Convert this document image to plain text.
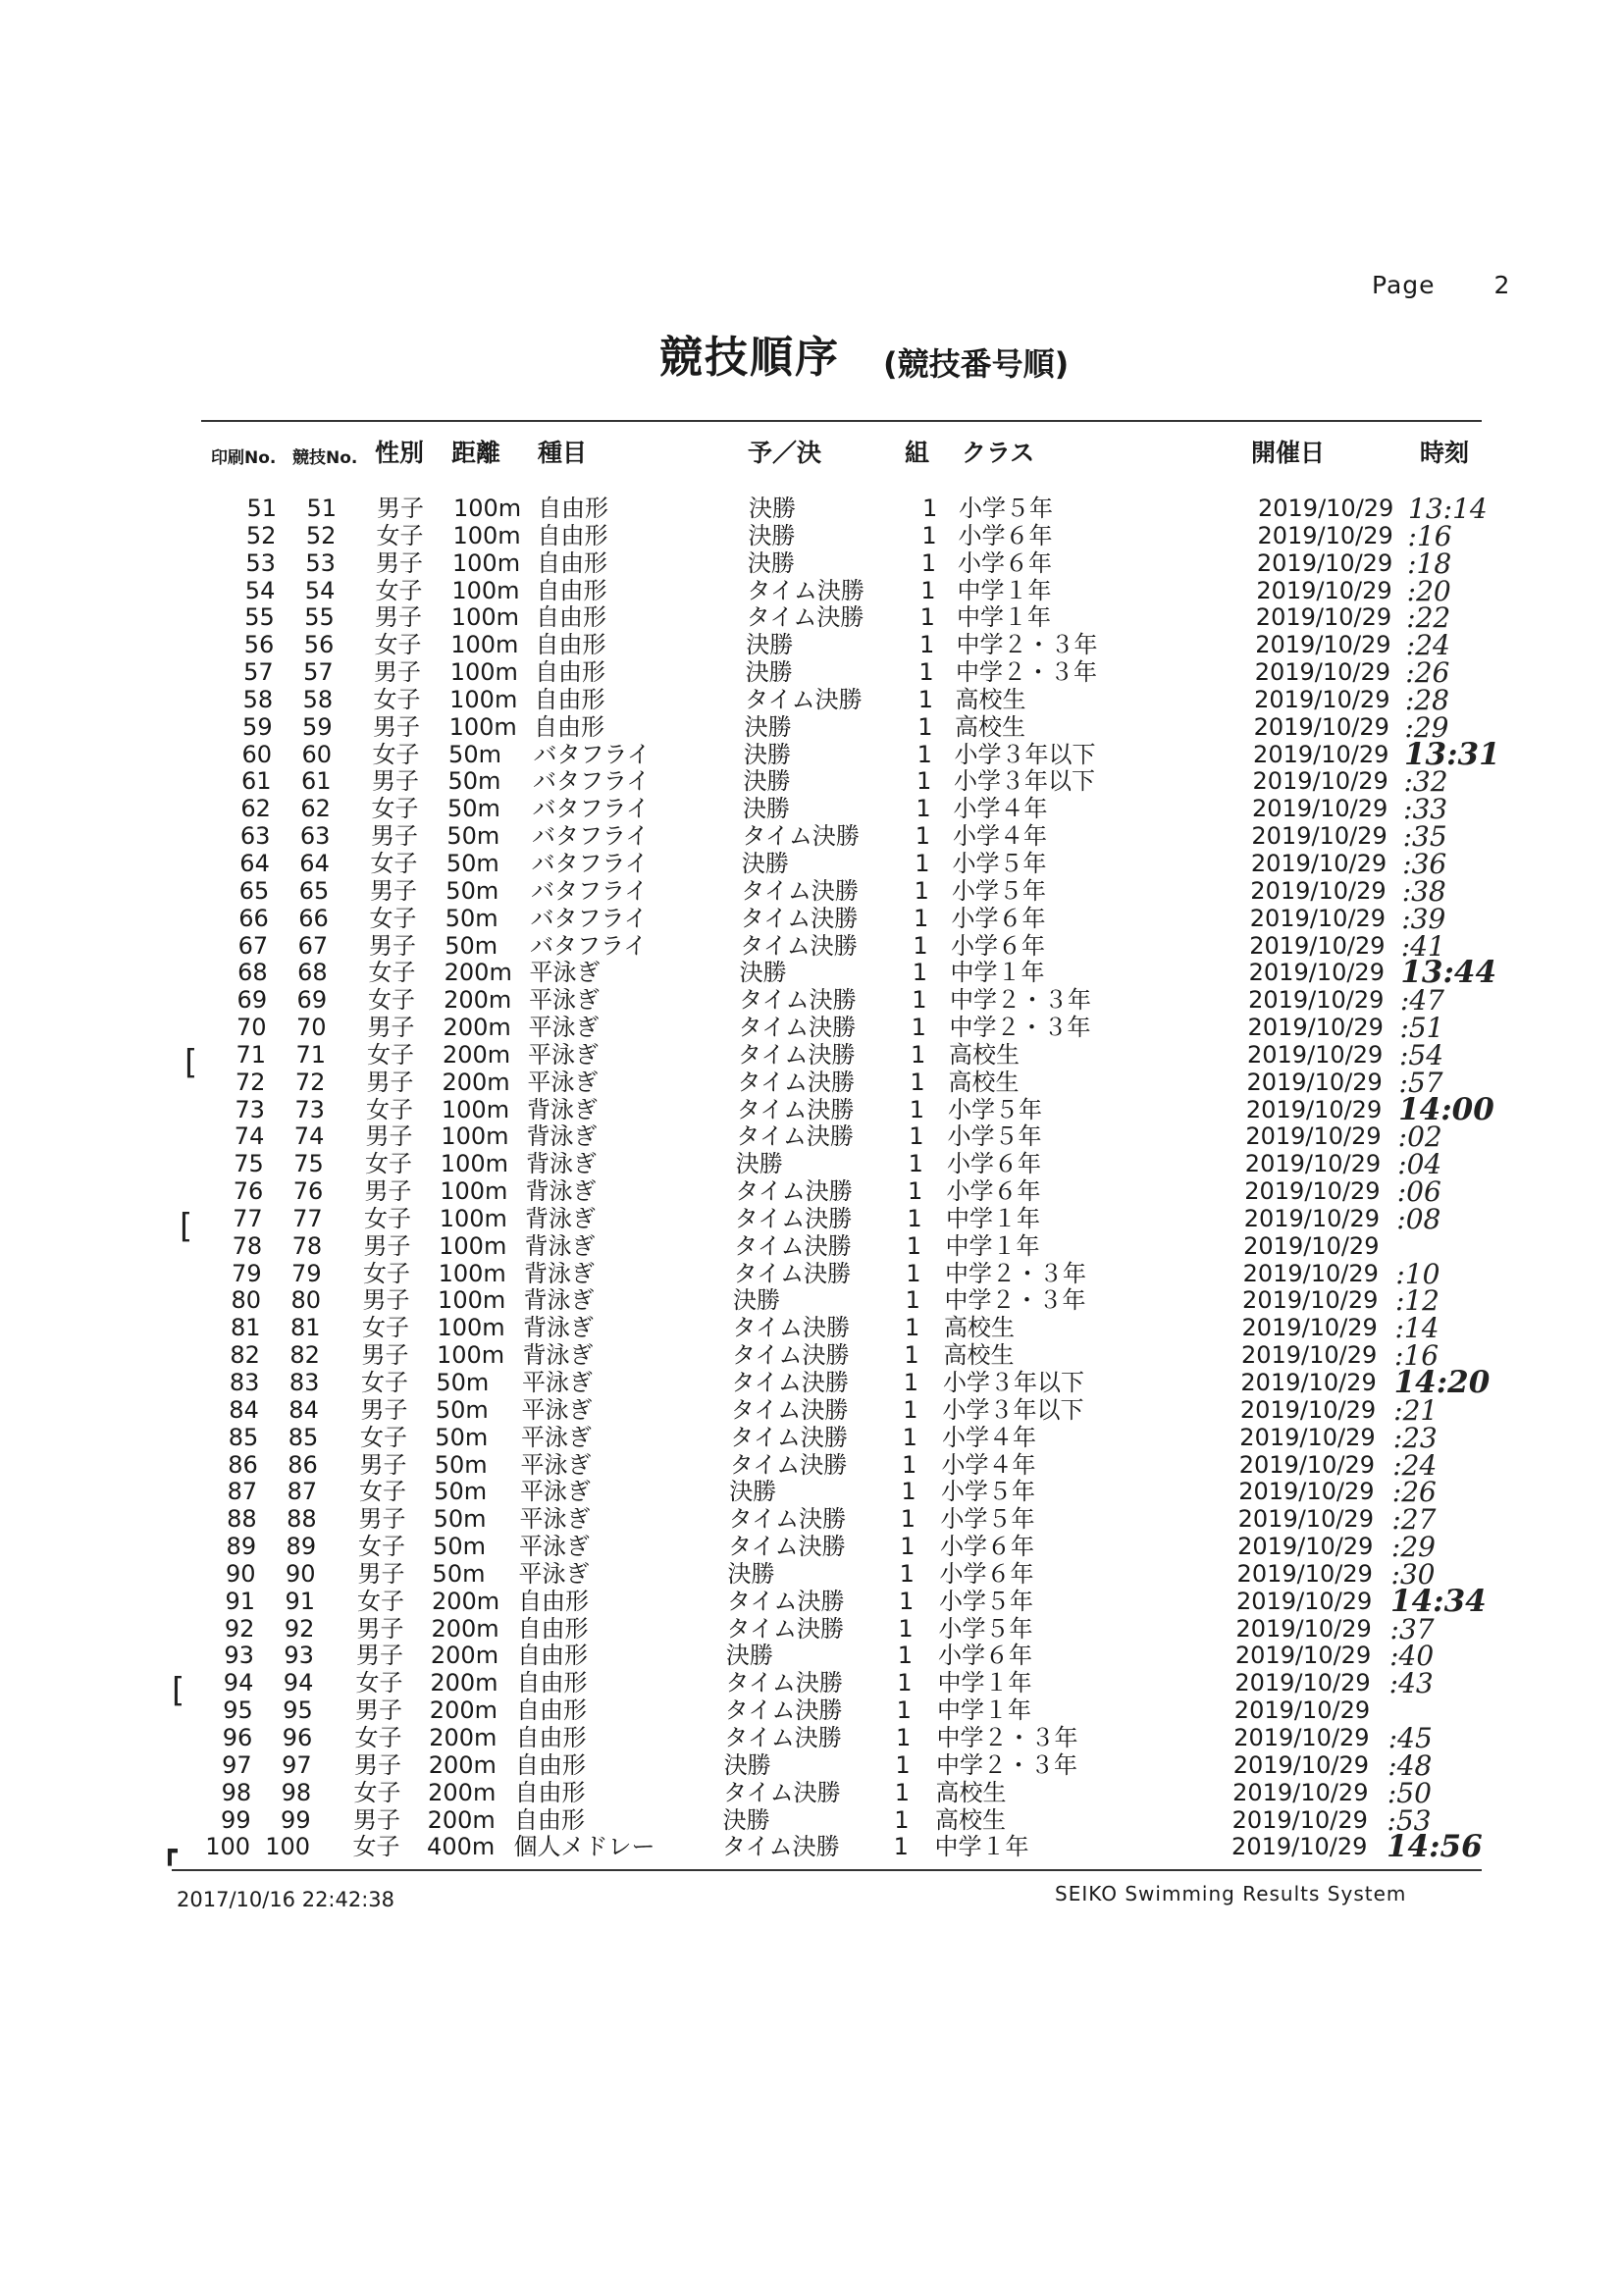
Page 2
競技順序 (競技番号順)
印刷No. 競技No. 性別 距離 種目	予／決	組 クラス	開催日	時刻
51	51 男子 100m 自由形	決勝	1 小学５年	2019/10/29 13:14
52	52 女子 100m 自由形	決勝	1 小学６年	2019/10/29 :16
53	53 男子 100m 自由形	決勝	1 小学６年	2019/10/29 :18
54	54 女子 100m 自由形	タイム決勝 1 中学１年	2019/10/29 :20
55	55 男子 100m 自由形	タイム決勝 1 中学１年	2019/10/29 :22
56	56 女子 100m 自由形	決勝	1 中学２・３年	2019/10/29 :24
57	57 男子 100m 自由形	決勝	1 中学２・３年	2019/10/29 :26
58	58 女子 100m 自由形	タイム決勝 1 高校生	2019/10/29 :28
59	59 男子 100m 自由形	決勝	1 高校生	2019/10/29 :29
60	60 女子 50m バタフライ	決勝	1 小学３年以下	2019/10/29 13:31
61	61 男子 50m バタフライ	決勝	1 小学３年以下	2019/10/29 :32
62	62 女子 50m バタフライ	決勝	1 小学４年	2019/10/29 :33
63	63 男子 50m バタフライ	タイム決勝 1 小学４年	2019/10/29 :35
64	64 女子 50m バタフライ	決勝	1 小学５年	2019/10/29 :36
65	65 男子 50m バタフライ	タイム決勝 1 小学５年	2019/10/29 :38
66	66 女子 50m バタフライ	タイム決勝 1 小学６年	2019/10/29 :39
67	67 男子 50m バタフライ	タイム決勝 1 小学６年	2019/10/29 :41
68	68 女子 200m 平泳ぎ	決勝	1 中学１年	2019/10/29 13:44
69	69 女子 200m 平泳ぎ	タイム決勝 1 中学２・３年	2019/10/29 :47
70	70 男子 200m 平泳ぎ	タイム決勝 1 中学２・３年	2019/10/29 :51
71	71 女子 200m 平泳ぎ	タイム決勝 1 高校生	2019/10/29 :54
72	72 男子 200m 平泳ぎ	タイム決勝 1 高校生	2019/10/29 :57
73	73 女子 100m 背泳ぎ	タイム決勝 1 小学５年	2019/10/29 14:00
74	74 男子 100m 背泳ぎ	タイム決勝 1 小学５年	2019/10/29 :02
75	75 女子 100m 背泳ぎ	決勝	1 小学６年	2019/10/29 :04
76	76 男子 100m 背泳ぎ	タイム決勝 1 小学６年	2019/10/29 :06
77	77 女子 100m 背泳ぎ	タイム決勝 1 中学１年	2019/10/29 :08
78	78 男子 100m 背泳ぎ	タイム決勝 1 中学１年	2019/10/29
79	79 女子 100m 背泳ぎ	タイム決勝 1 中学２・３年	2019/10/29 :10
80	80 男子 100m 背泳ぎ	決勝	1 中学２・３年	2019/10/29 :12
81	81 女子 100m 背泳ぎ	タイム決勝 1 高校生	2019/10/29 :14
82	82 男子 100m 背泳ぎ	タイム決勝 1 高校生	2019/10/29 :16
83	83 女子 50m 平泳ぎ	タイム決勝 1 小学３年以下	2019/10/29 14:20
84	84 男子 50m 平泳ぎ	タイム決勝 1 小学３年以下	2019/10/29 :21
85	85 女子 50m 平泳ぎ	タイム決勝 1 小学４年	2019/10/29 :23
86	86 男子 50m 平泳ぎ	タイム決勝 1 小学４年	2019/10/29 :24
87	87 女子 50m 平泳ぎ	決勝	1 小学５年	2019/10/29 :26
88	88 男子 50m 平泳ぎ	タイム決勝 1 小学５年	2019/10/29 :27
89	89 女子 50m 平泳ぎ	タイム決勝 1 小学６年	2019/10/29 :29
90	90 男子 50m 平泳ぎ	決勝	1 小学６年	2019/10/29 :30
91	91 女子 200m 自由形	タイム決勝 1 小学５年	2019/10/29 14:34
92	92 男子 200m 自由形	タイム決勝 1 小学５年	2019/10/29 :37
93	93 男子 200m 自由形	決勝	1 小学６年	2019/10/29 :40
94	94 女子 200m 自由形	タイム決勝 1 中学１年	2019/10/29 :43
95	95 男子 200m 自由形	タイム決勝 1 中学１年	2019/10/29
96	96 女子 200m 自由形	タイム決勝 1 中学２・３年	2019/10/29 :45
97	97 男子 200m 自由形	決勝	1 中学２・３年	2019/10/29 :48
98	98 女子 200m 自由形	タイム決勝 1 高校生	2019/10/29 :50
99	99 男子 200m 自由形	決勝	1 高校生	2019/10/29 :53
100 100 女子 400m 個人メドレー	タイム決勝 1 中学１年	2019/10/29 14:56
[
[
[
┏
2017/10/16 22:42:38	SEIKO Swimming Results System
